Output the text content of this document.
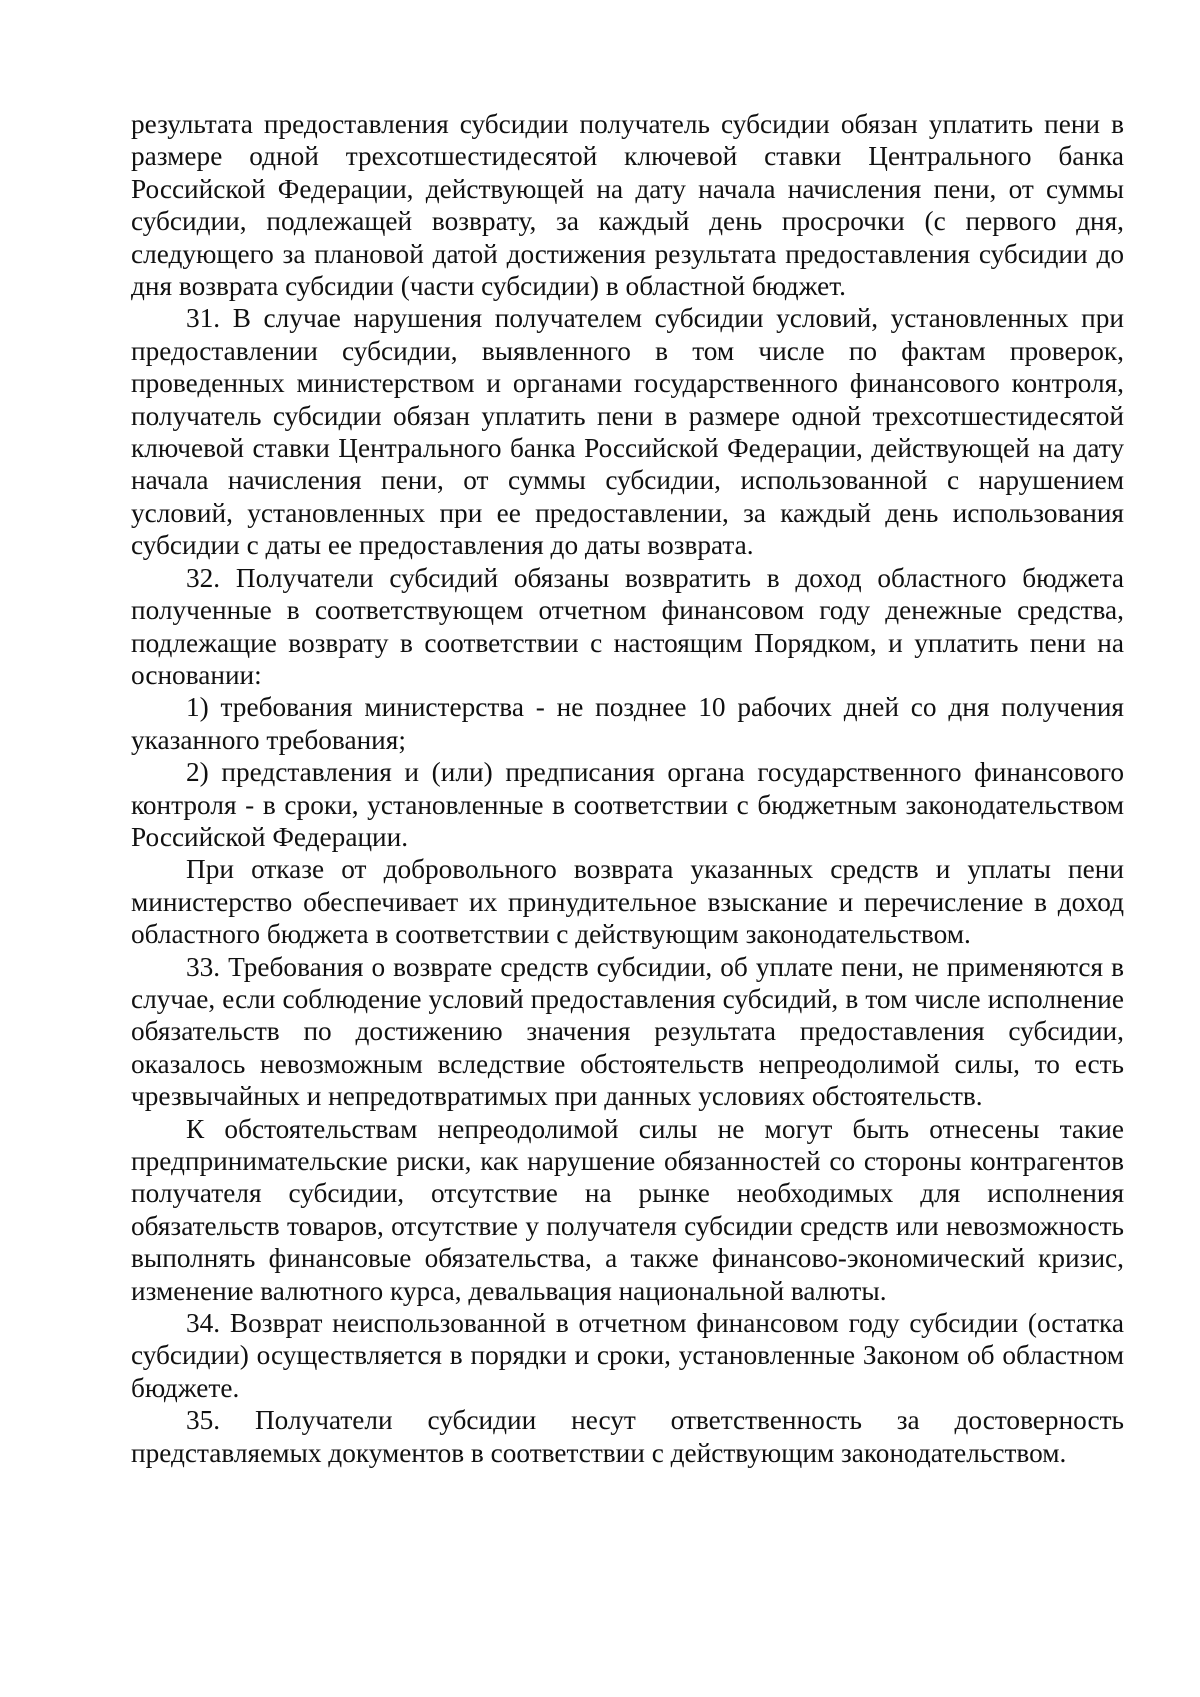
результата предоставления субсидии получатель субсидии обязан уплатить пени в размере одной трехсотшестидесятой ключевой ставки Центрального банка Российской Федерации, действующей на дату начала начисления пени, от суммы субсидии, подлежащей возврату, за каждый день просрочки (с первого дня, следующего за плановой датой достижения результата предоставления субсидии до дня возврата субсидии (части субсидии) в областной бюджет.

31. В случае нарушения получателем субсидии условий, установленных при предоставлении субсидии, выявленного в том числе по фактам проверок, проведенных министерством и органами государственного финансового контроля, получатель субсидии обязан уплатить пени в размере одной трехсотшестидесятой ключевой ставки Центрального банка Российской Федерации, действующей на дату начала начисления пени, от суммы субсидии, использованной с нарушением условий, установленных при ее предоставлении, за каждый день использования субсидии с даты ее предоставления до даты возврата.

32. Получатели субсидий обязаны возвратить в доход областного бюджета полученные в соответствующем отчетном финансовом году денежные средства, подлежащие возврату в соответствии с настоящим Порядком, и уплатить пени на основании:

1) требования министерства - не позднее 10 рабочих дней со дня получения указанного требования;

2) представления и (или) предписания органа государственного финансового контроля - в сроки, установленные в соответствии с бюджетным законодательством Российской Федерации.

При отказе от добровольного возврата указанных средств и уплаты пени министерство обеспечивает их принудительное взыскание и перечисление в доход областного бюджета в соответствии с действующим законодательством.

33. Требования о возврате средств субсидии, об уплате пени, не применяются в случае, если соблюдение условий предоставления субсидий, в том числе исполнение обязательств по достижению значения результата предоставления субсидии, оказалось невозможным вследствие обстоятельств непреодолимой силы, то есть чрезвычайных и непредотвратимых при данных условиях обстоятельств.

К обстоятельствам непреодолимой силы не могут быть отнесены такие предпринимательские риски, как нарушение обязанностей со стороны контрагентов получателя субсидии, отсутствие на рынке необходимых для исполнения обязательств товаров, отсутствие у получателя субсидии средств или невозможность выполнять финансовые обязательства, а также финансово-экономический кризис, изменение валютного курса, девальвация национальной валюты.

34. Возврат неиспользованной в отчетном финансовом году субсидии (остатка субсидии) осуществляется в порядки и сроки, установленные Законом об областном бюджете.

35. Получатели субсидии несут ответственность за достоверность представляемых документов в соответствии с действующим законодательством.
